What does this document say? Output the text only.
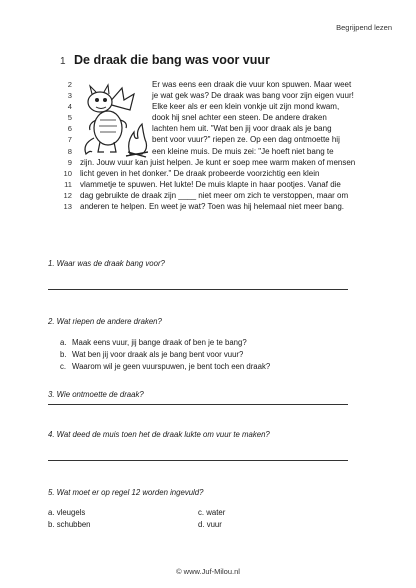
Begrijpend lezen
1 De draak die bang was voor vuur
2	Er was eens een draak die vuur kon spuwen. Maar weet
3	je wat gek was? De draak was bang voor zijn eigen vuur!
4	Elke keer als er een klein vonkje uit zijn mond kwam,
5	dook hij snel achter een steen. De andere draken
6	lachten hem uit. "Wat ben jij voor draak als je bang
7	bent voor vuur?" riepen ze. Op een dag ontmoette hij
8	een kleine muis. De muis zei: "Je hoeft niet bang te
9 zijn. Jouw vuur kan juist helpen. Je kunt er soep mee warm maken of mensen
10 licht geven in het donker." De draak probeerde voorzichtig een klein
11 vlammetje te spuwen. Het lukte! De muis klapte in haar pootjes. Vanaf die
12 dag gebruikte de draak zijn ____ niet meer om zich te verstoppen, maar om
13 anderen te helpen. En weet je wat? Toen was hij helemaal niet meer bang.
1. Waar was de draak bang voor?
2. Wat riepen de andere draken?
a. Maak eens vuur, jij bange draak of ben je te bang?
b. Wat ben jij voor draak als je bang bent voor vuur?
c. Waarom wil je geen vuurspuwen, je bent toch een draak?
3. Wie ontmoette de draak?
4. Wat deed de muis toen het de draak lukte om vuur te maken?
5. Wat moet er op regel 12 worden ingevuld?
a. vleugels
b. schubben
c. water
d. vuur
© www.Juf-Milou.nl
